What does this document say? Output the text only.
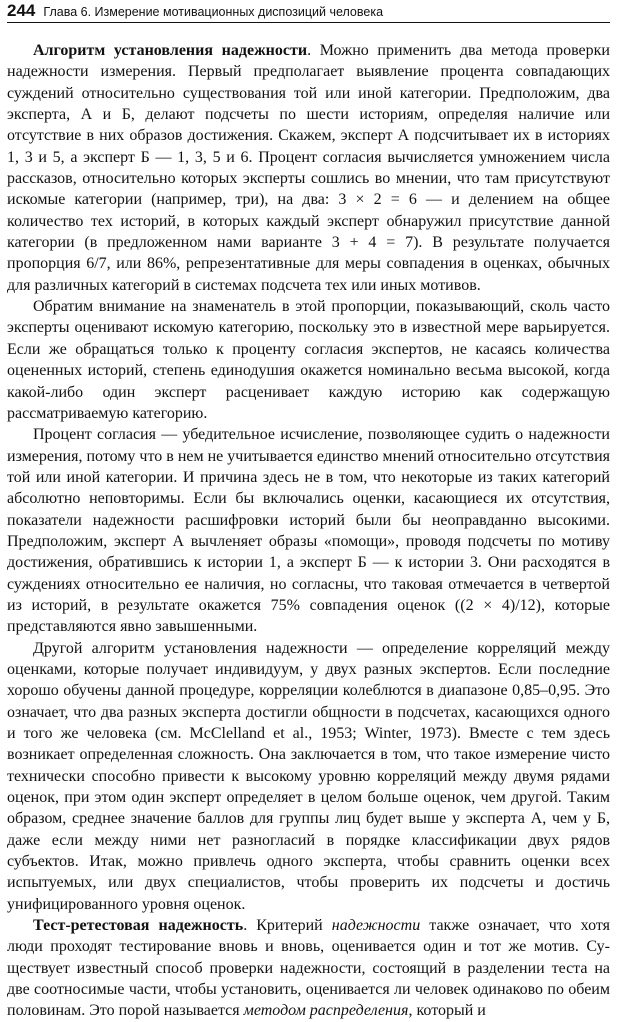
244 Глава 6. Измерение мотивационных диспозиций человека

Алгоритм установления надежности. Можно применить два метода проверки надежности измерения. Первый предполагает выявление процента совпадающих суждений относительно существования той или иной категории. Предположим, два эксперта, А и Б, делают подсчеты по шести историям, определяя наличие или отсутствие в них образов достижения. Скажем, эксперт А подсчитывает их в историях 1, 3 и 5, а эксперт Б — 1, 3, 5 и 6. Процент согласия вычисляется умножением числа рассказов, относительно которых эксперты сошлись во мнении, что там присутствуют искомые категории (например, три), на два: 3 × 2 = 6 — и делением на общее количество тех историй, в которых каждый эксперт обнаружил присутствие данной категории (в предложенном нами варианте 3 + 4 = 7). В результате получается пропорция 6/7, или 86%, репрезентативные для меры совпадения в оценках, обычных для различных категорий в системах подсчета тех или иных мотивов.

Обратим внимание на знаменатель в этой пропорции, показывающий, сколь часто эксперты оценивают искомую категорию, поскольку это в известной мере варьируется. Если же обращаться только к проценту согласия экспертов, не касаясь количества оцененных историй, степень единодушия окажется номинально весьма высокой, когда какой-либо один эксперт расценивает каждую историю как содержащую рассматриваемую категорию.

Процент согласия — убедительное исчисление, позволяющее судить о надежности измерения, потому что в нем не учитывается единство мнений относительно отсутствия той или иной категории. И причина здесь не в том, что некоторые из таких категорий абсолютно неповторимы. Если бы включались оценки, касающиеся их отсутствия, показатели надежности расшифровки историй были бы неоправданно высокими. Предположим, эксперт А вычленяет образы «помощи», проводя подсчеты по мотиву достижения, обратившись к истории 1, а эксперт Б — к истории 3. Они расходятся в суждениях относительно ее наличия, но согласны, что таковая отмечается в четвертой из историй, в результате окажется 75% совпадения оценок ((2 × 4)/12), которые представляются явно завышенными.

Другой алгоритм установления надежности — определение корреляций между оценками, которые получает индивидуум, у двух разных экспертов. Если последние хорошо обучены данной процедуре, корреляции колеблются в диапазоне 0,85–0,95. Это означает, что два разных эксперта достигли общности в подсчетах, касающихся одного и того же человека (см. McClelland et al., 1953; Winter, 1973). Вместе с тем здесь возникает определенная сложность. Она заключается в том, что такое измерение чисто технически способно привести к высокому уровню корреляций между двумя рядами оценок, при этом один эксперт определяет в целом больше оценок, чем другой. Таким образом, среднее значение баллов для группы лиц будет выше у эксперта А, чем у Б, даже если между ними нет разногласий в порядке классификации двух рядов субъектов. Итак, можно привлечь одного эксперта, чтобы сравнить оценки всех испытуемых, или двух специалистов, чтобы проверить их подсчеты и достичь унифицированного уровня оценок.

Тест-ретестовая надежность. Критерий надежности также означает, что хотя люди проходят тестирование вновь и вновь, оценивается один и тот же мотив. Существует известный способ проверки надежности, состоящий в разделении теста на две соотносимые части, чтобы установить, оценивается ли человек одинаково по обеим половинам. Это порой называется методом распределения, который и
